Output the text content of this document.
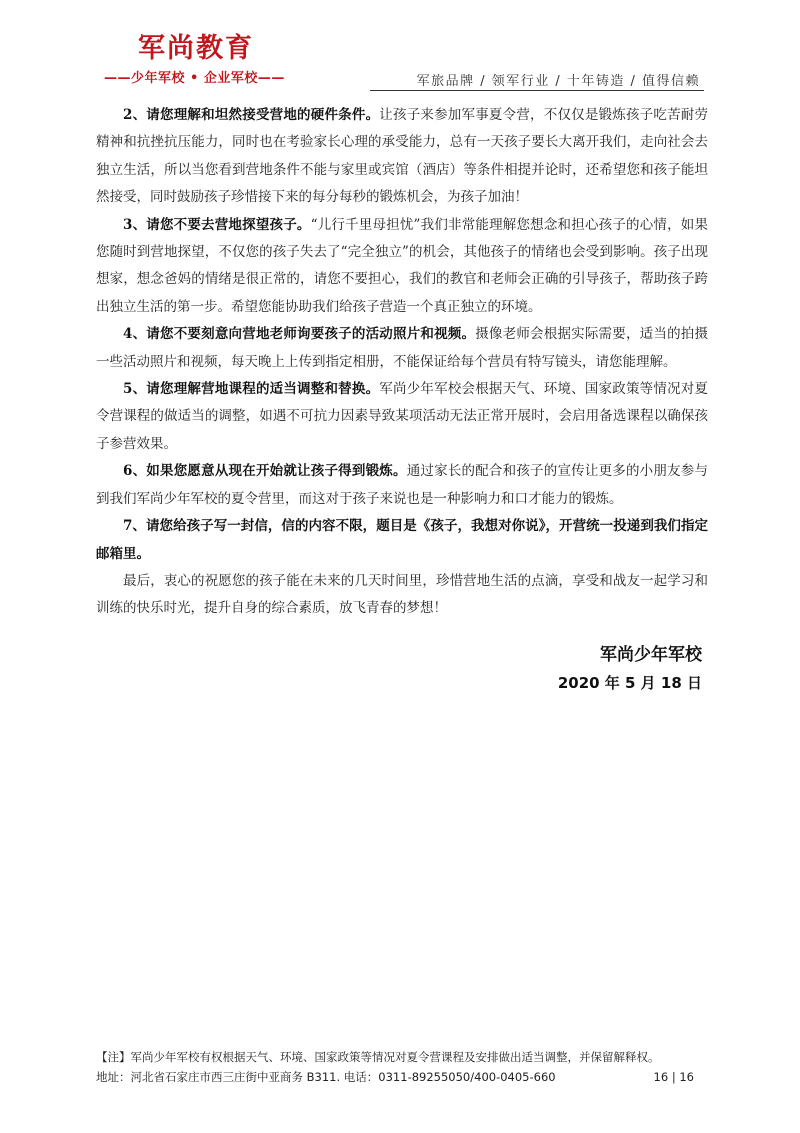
军尚教育
——少年军校 • 企业军校——	军旅品牌 / 领军行业 / 十年铸造 / 值得信赖

2、请您理解和坦然接受营地的硬件条件。让孩子来参加军事夏令营，不仅仅是锻炼孩子吃苦耐劳精神和抗挫抗压能力，同时也在考验家长心理的承受能力，总有一天孩子要长大离开我们，走向社会去独立生活，所以当您看到营地条件不能与家里或宾馆（酒店）等条件相提并论时，还希望您和孩子能坦然接受，同时鼓励孩子珍惜接下来的每分每秒的锻炼机会，为孩子加油！

3、请您不要去营地探望孩子。“儿行千里母担忧”我们非常能理解您想念和担心孩子的心情，如果您随时到营地探望，不仅您的孩子失去了“完全独立”的机会，其他孩子的情绪也会受到影响。孩子出现想家，想念爸妈的情绪是很正常的，请您不要担心，我们的教官和老师会正确的引导孩子，帮助孩子跨出独立生活的第一步。希望您能协助我们给孩子营造一个真正独立的环境。

4、请您不要刻意向营地老师询要孩子的活动照片和视频。摄像老师会根据实际需要，适当的拍摄一些活动照片和视频，每天晚上上传到指定相册，不能保证给每个营员有特写镜头，请您能理解。

5、请您理解营地课程的适当调整和替换。军尚少年军校会根据天气、环境、国家政策等情况对夏令营课程的做适当的调整，如遇不可抗力因素导致某项活动无法正常开展时，会启用备选课程以确保孩子参营效果。

6、如果您愿意从现在开始就让孩子得到锻炼。通过家长的配合和孩子的宣传让更多的小朋友参与到我们军尚少年军校的夏令营里，而这对于孩子来说也是一种影响力和口才能力的锻炼。

7、请您给孩子写一封信，信的内容不限，题目是《孩子，我想对你说》，开营统一投递到我们指定邮箱里。

最后，衷心的祝愿您的孩子能在未来的几天时间里，珍惜营地生活的点滴，享受和战友一起学习和训练的快乐时光，提升自身的综合素质，放飞青春的梦想！

军尚少年军校
2020 年 5 月 18 日
【注】军尚少年军校有权根据天气、环境、国家政策等情况对夏令营课程及安排做出适当调整，并保留解释权。
地址：河北省石家庄市西三庄街中亚商务 B311. 电话：0311-89255050/400-0405-660	16 | 16
